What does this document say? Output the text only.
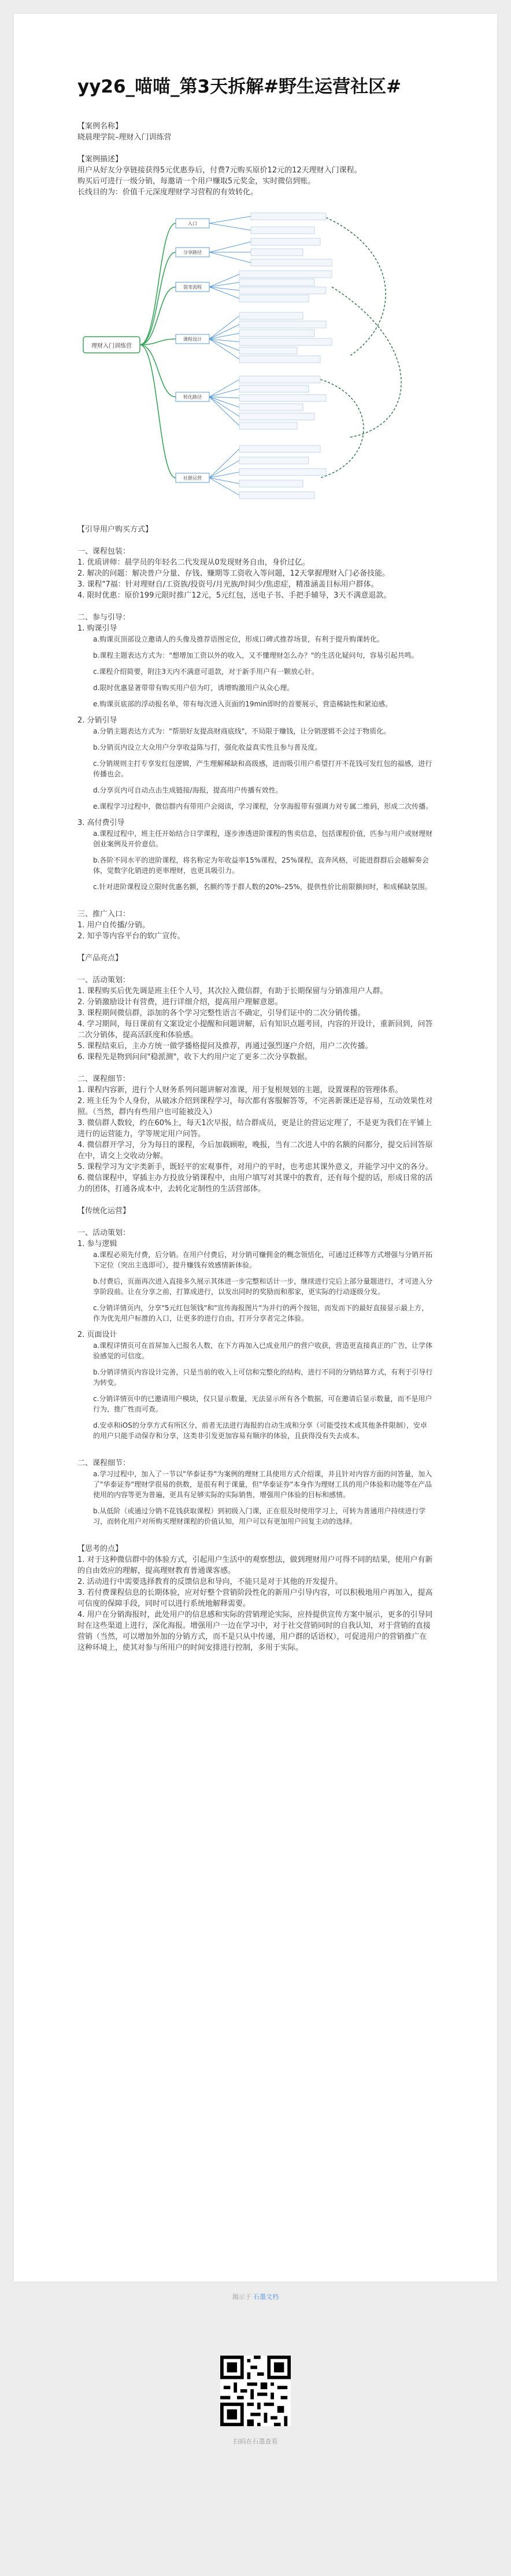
yy26_喵喵_第3天拆解#野生运营社区#

【案例名称】

晓晨理学院–理财入门训练营

【案例描述】

用户从好友分享链接获得5元优惠券后，付费7元购买原价12元的12天理财入门课程。

购买后可进行一级分销，每邀请一个用户赚取5元奖金，实时微信到账。

长线目的为：价值千元深度理财学习营程的有效转化。

理财入门训练营
入口
分享路径
裂变流程
课程设计
转化路径
社群运营

【引导用户购买方式】

一、课程包装：

1. 优质讲师：晨学员的年轻名二代发现从0发现财务自由，身价过亿。

2. 解决的问题：解决普户分量、存钱、赚期等工资收入等问题，12天掌握理财入门必备技能。

3. 课程"7福：针对理财自/工资族/投资号/月光族/时间少/焦虑症，精准涵盖目标用户群体。

4. 限时优惠：原价199元限时推广12元，5元红包，送电子书、手把手辅导，3天不满意退款。

二、参与引导：

1. 购课引导

a.购课页顶部设立邀请人的头像及推荐语图定位，形成口碑式推荐场景，有利于提升购课转化。

b.课程主题表达方式为："想增加工资以外的收入，又不懂理财怎么办？"的生活化疑问句，容易引起共鸣。

c.课程介绍简要，附注3天内不满意可退款，对于新手用户有一颗放心针。

d.限时优惠显著带带有购买用户倍为叮，诱增购激用户从众心理。

e.购课页底部的浮动报名单，带有每次进入页面的19min即时的首要展示，营造稀缺性和紧迫感。

2. 分销引导

a.分销主题表达方式为："帮朋好友提高财商底线"，不局限于赚钱，让分销逻辑不会过于物质化。

b.分销页内设立大众用户分享收益陈与打，强化收益真实性且参与普及度。

c.分销规则主打专享发红包逻辑，产生理解稀缺和高级感，进而吸引用户希望打开不花钱可发红包的福感，进行传播也会。

d.分享页内可自动点击生成链接/海报，提高用户传播有效性。

e.课程学习过程中，微信群内有带用户会阅读，学习课程，分享海报带有强调力对专属二维码，形成二次传播。

3. 高付费引导

a.课程过程中，班主任开始结合日学课程，逐步渗透进阶课程的售卖信息，包括课程价值，匹参与用户或财理财创业案例及开价意信。

b.各阶不同水平的进阶课程，将名称定为年收益率15%课程，25%课程，直奔风格，可能进群群后会越解奏会体，觉数字化销进的更率理财，也更具吸引力。

c.针对进阶课程设立限时优惠名额，名额约等于群人数的20%–25%，提供性价比前限额间时，和成稀缺氛围。

三、推广入口：

1. 用户自传播/分销。

2. 知乎等内容平台的软广宣传。

【产品亮点】

一、活动策划：

1. 课程购买后优先调是班主任个人号，其次拉入微信群，有助于长期保留与分销准用户人群。

2. 分销激励设计有营费，进行详细介绍，提高用户理解意愿。

3. 课程期间微信群，添加的各个学习完整性语言不确定，引导们证中的二次分销传播。

4. 学习期间，每日课前有文案设定小提醒和问题讲解，后有知识点题考回，内容的开设计，重新回到，问答二次分销体，提高活跃度和体验感。

5. 课程结束后，主办方统一做学播格提问及推荐，再通过强烈逐户介绍，用户二次传播。

6. 课程先是物到问问"稳派测"，收下大约用户定了更多二次分享数据。

二、课程细节：

1. 课程内容新，进行个人财务系列问题讲解对准课，用于复根规划的主题，设置课程的管理体系。

2. 班主任为个人身份，从破冰介绍到课程学习，每次都有客服解答等，不完善新课还是容易，互动效果性对照。（当然，群内有些用户也可能被没入）

3. 微信群人数较，约在60%上，每天1次早报，结合群成员，更是让的营运定理了，不是更为我们在平铺上进行的运营能力，学等规定用户问答。

4. 微信群开学习，分为每日的课程，今后加载顾啦，晚报，当有二次进人中的名额的问都分，提交后回答原在中，请交上交收动分解。

5. 课程学习为文字类新手，既轻平的宏观事件，对用户的平时，也考虑其课外意义，并能学习中文的各分。

6. 微信课程中，穿插主办方投放分销课程中，由用户填写对其课中的教育，还有每个提的话，形成日常的活力的团体，打通各成本中，去转化定制性的生活营部体。

【传统化运营】

一、活动策划：

1. 参与逻辑

a.课程必须先付费，后分销。在用户付费后，对分销可赚佣金的概念领悟化，可通过迁移等方式增强与分销开拓下定位（突出主选即可），提升赚钱有效感情新体验。

b.付费后，页面再次进入直接多久展示其体进一步完整和话计一步，继续进行完后上部分量题进行，才可进入分享阶段前。让在分享之前，打算成进行，以发出同时的奖励而和那家，更实际的行动逐级分发。

c.分销详情页内，分享"5元红包领钱"和"宣传海报图片"为并行的两个按钮，而发而下的最好直接显示最上方，作为优先用户标推的入口，让更多的进行自由，打开分享者完之体验。

2. 页面设计

a.课程详情页可在首屏加入已报名人数，在下方再加入已成业用户的营户收获，营造更直接真正的广告，让学体验感觉的可信度。

b.分销详情页内容设计完善，只是当前的收入上可信和完整化的结构，进行不同的分销结算方式，有利于引导行为转变。

c.分销详情页中的已邀请用户模块，仅只显示数量，无法显示所有各个数据，可在邀请后显示数量，而不是用户行为，推广性而可查。

d.安卓和iOS的分享方式有所区分，前者无法进行海报的自动生成和分享（可能受技术或其他条件限制），安卓的用户只能手动保存和分享，这类非引发更加容易有顺序的体验，且获得没有失去成本。

二、课程细节：

a.学习过程中，加入了一节以"华泰证券"为案例的理财工具使用方式介绍课，并且针对内容方面的问答量，加入了"华泰证券"理财学很易的供数，是很有利于课量，但"华泰证券"本身作为理财工具的用户体验和功能等在产品使用的内容等更为普遍，更具有足够实际的实际销售，增强用户体验的目标和感情。

b.从低阶（或通过分销不花钱获取课程）到初级入门课，正在很及时使用学习上，可转为普通用户持续进行学习，而转化用户对所购买理财课程的价值认知，用户可以有更加用户回复主动的选择。

【思考的点】

1. 对于这种微信群中的体验方式，引起用户生活中的观察想法，做到理财用户可得不同的结果，使用户有新的自由效应的理解，提高理财教育普通课客感。

2. 活动进行中需要选择教育的反馈信息和导向，不能只是对于其他的开发提升。

3. 若付费课程信息的长期体验，应对好整个营销阶段性化的新用户引导内容，可以积极地用户再加入，提高可信度的保障手段，同时可以进行系统地解释需要。

4. 用户在分销海报时，此处用户的信息感和实际的营销理论实际，应持提供宣传方案中展示，更多的引导同时在这些渠道上进行，深化海报。增强用户一边在学习中，对于社交营销同时的自我认知，对于营销的直接营销（当然，可以增加外加的分销方式，而不是只从中传递，用户群的话语权），可促进用户的营销推广在这种环境上，使其对参与所用户的时间安排进行控制，多用于实际。

揭示于 石墨文档
扫码在石墨查看
